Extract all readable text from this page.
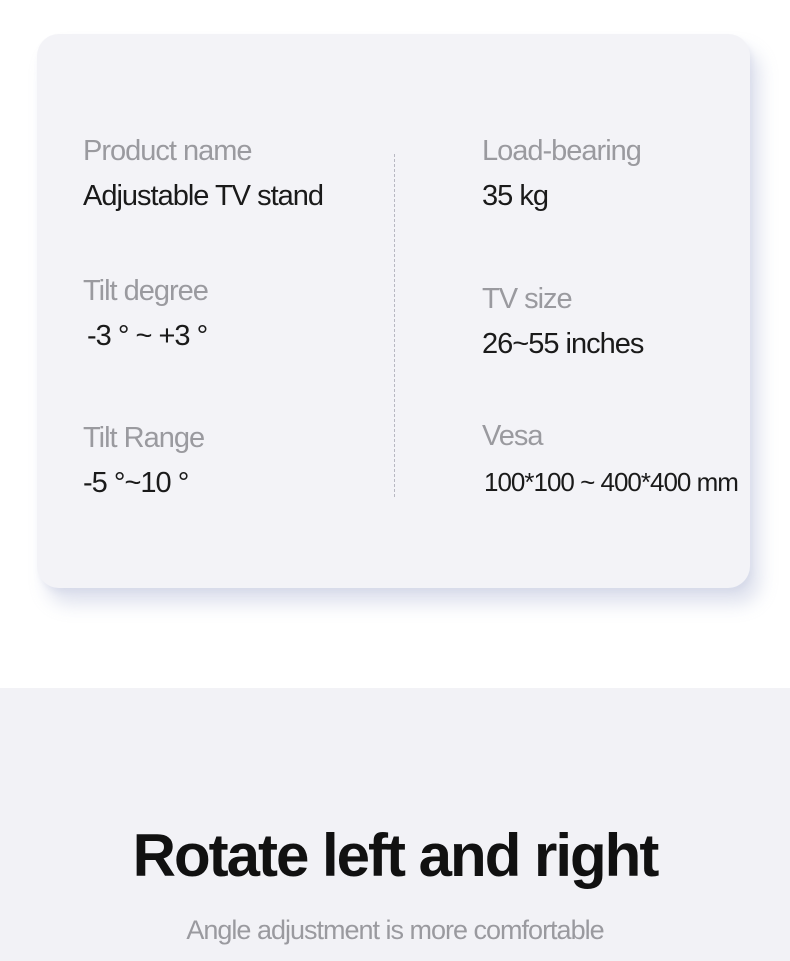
Product name
Adjustable TV stand
Tilt degree
-3 ° ~ +3 °
Tilt Range
-5 °~10 °
Load-bearing
35 kg
TV size
26~55 inches
Vesa
100*100 ~ 400*400 mm
Rotate left and right
Angle adjustment is more comfortable
